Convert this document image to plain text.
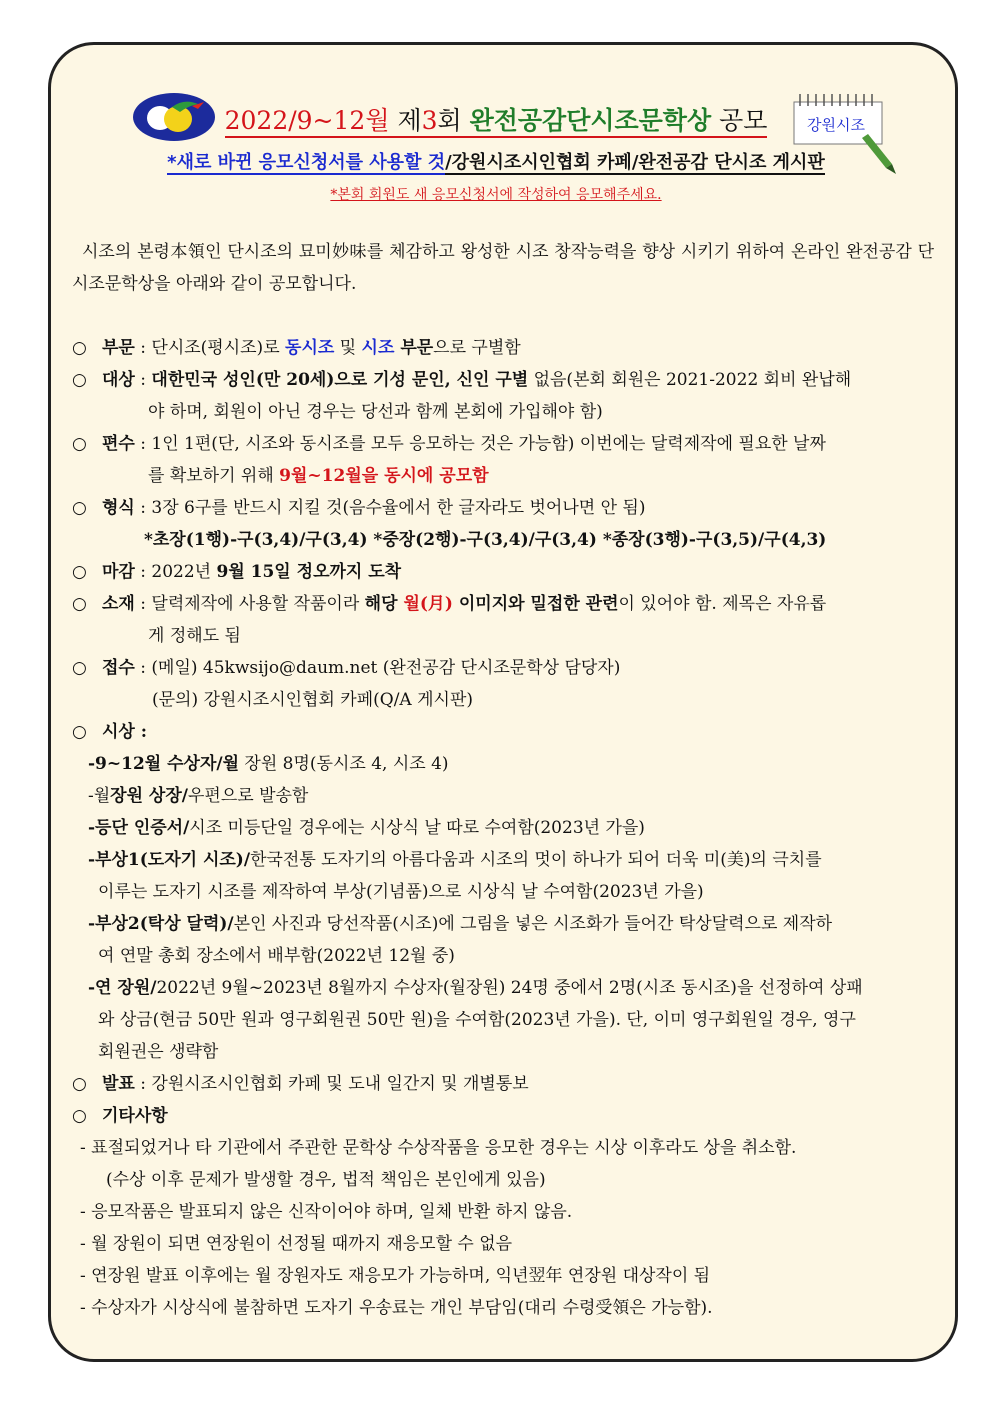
강원시조
2022/9~12월 제3회 완전공감단시조문학상 공모
*새로 바뀐 응모신청서를 사용할 것/강원시조시인협회 카페/완전공감 단시조 게시판
*본회 회원도 새 응모신청서에 작성하여 응모해주세요.

시조의 본령本領인 단시조의 묘미妙味를 체감하고 왕성한 시조 창작능력을 향상 시키기 위하여 온라인 완전공감 단시조문학상을 아래와 같이 공모합니다.

○ 부문 : 단시조(평시조)로 동시조 및 시조 부문으로 구별함
○ 대상 : 대한민국 성인(만 20세)으로 기성 문인, 신인 구별 없음(본회 회원은 2021-2022 회비 완납해

야 하며, 회원이 아닌 경우는 당선과 함께 본회에 가입해야 함)

○ 편수 : 1인 1편(단, 시조와 동시조를 모두 응모하는 것은 가능함) 이번에는 달력제작에 필요한 날짜

를 확보하기 위해 9월~12월을 동시에 공모함

○ 형식 : 3장 6구를 반드시 지킬 것(음수율에서 한 글자라도 벗어나면 안 됨)

*초장(1행)-구(3,4)/구(3,4) *중장(2행)-구(3,4)/구(3,4) *종장(3행)-구(3,5)/구(4,3)

○ 마감 : 2022년 9월 15일 정오까지 도착
○ 소재 : 달력제작에 사용할 작품이라 해당 월(月) 이미지와 밀접한 관련이 있어야 함. 제목은 자유롭

게 정해도 됨

○ 접수 : (메일) 45kwsijo@daum.net (완전공감 단시조문학상 담당자)

(문의) 강원시조시인협회 카페(Q/A 게시판)

○ 시상 :

-9~12월 수상자/월 장원 8명(동시조 4, 시조 4)

-월장원 상장/우편으로 발송함

-등단 인증서/시조 미등단일 경우에는 시상식 날 따로 수여함(2023년 가을)

-부상1(도자기 시조)/한국전통 도자기의 아름다움과 시조의 멋이 하나가 되어 더욱 미(美)의 극치를

이루는 도자기 시조를 제작하여 부상(기념품)으로 시상식 날 수여함(2023년 가을)

-부상2(탁상 달력)/본인 사진과 당선작품(시조)에 그림을 넣은 시조화가 들어간 탁상달력으로 제작하

여 연말 총회 장소에서 배부함(2022년 12월 중)

-연 장원/2022년 9월~2023년 8월까지 수상자(월장원) 24명 중에서 2명(시조 동시조)을 선정하여 상패

와 상금(현금 50만 원과 영구회원권 50만 원)을 수여함(2023년 가을). 단, 이미 영구회원일 경우, 영구

회원권은 생략함

○ 발표 : 강원시조시인협회 카페 및 도내 일간지 및 개별통보
○ 기타사항

- 표절되었거나 타 기관에서 주관한 문학상 수상작품을 응모한 경우는 시상 이후라도 상을 취소함.

(수상 이후 문제가 발생할 경우, 법적 책임은 본인에게 있음)

- 응모작품은 발표되지 않은 신작이어야 하며, 일체 반환 하지 않음.

- 월 장원이 되면 연장원이 선정될 때까지 재응모할 수 없음

- 연장원 발표 이후에는 월 장원자도 재응모가 가능하며, 익년翌年 연장원 대상작이 됨

- 수상자가 시상식에 불참하면 도자기 우송료는 개인 부담임(대리 수령受領은 가능함).
